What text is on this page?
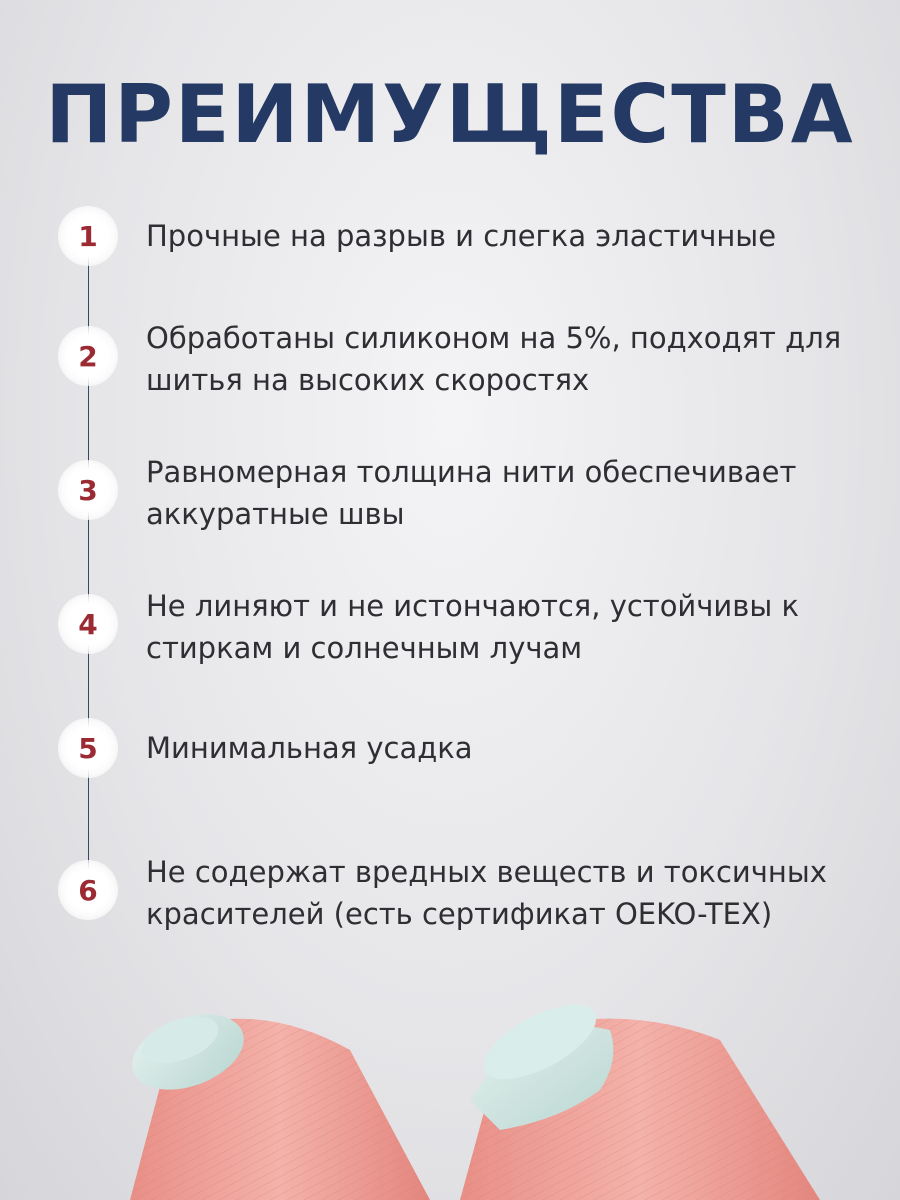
ПРЕИМУЩЕСТВА
1 Прочные на разрыв и слегка эластичные

2

Обработаны силиконом на 5%, подходят для шитья на высоких скоростях

3

Равномерная толщина нити обеспечивает аккуратные швы

4

Не линяют и не истончаются, устойчивы к стиркам и солнечным лучам

5 Минимальная усадка

6

Не содержат вредных веществ и токсичных красителей (есть сертификат OEKO-TEX)
